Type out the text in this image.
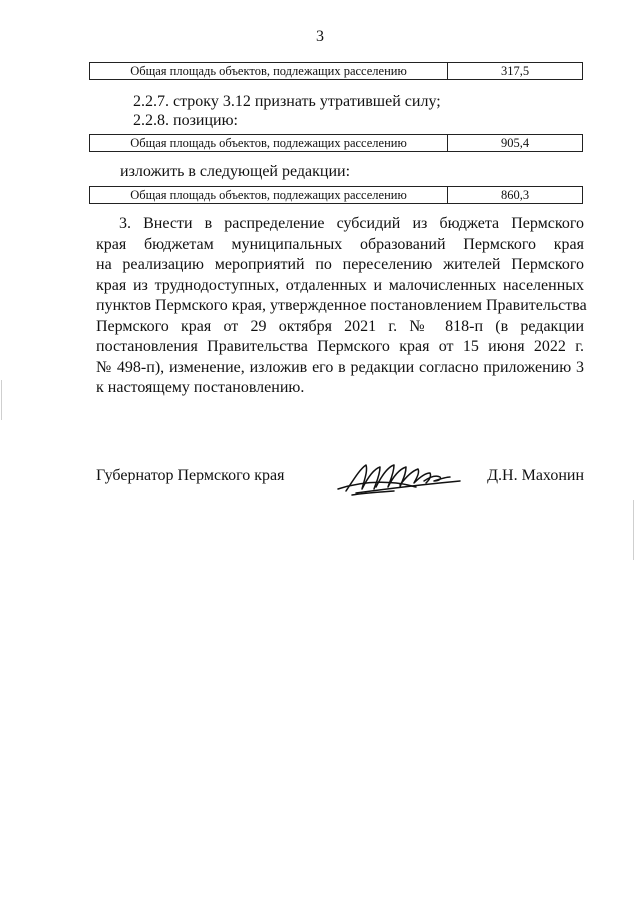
3
Общая площадь объектов, подлежащих расселению	317,5
2.2.7. строку 3.12 признать утратившей силу;
2.2.8. позицию:
Общая площадь объектов, подлежащих расселению	905,4
изложить в следующей редакции:
Общая площадь объектов, подлежащих расселению	860,3
3. Внести в распределение субсидий из бюджета Пермского
края бюджетам муниципальных образований Пермского края
на реализацию мероприятий по переселению жителей Пермского
края из труднодоступных, отдаленных и малочисленных населенных
пунктов Пермского края, утвержденное постановлением Правительства
Пермского края от 29 октября 2021 г. № 818-п (в редакции
постановления Правительства Пермского края от 15 июня 2022 г.
№ 498-п), изменение, изложив его в редакции согласно приложению 3
к настоящему постановлению.
Губернатор Пермского края	Д.Н. Махонин
